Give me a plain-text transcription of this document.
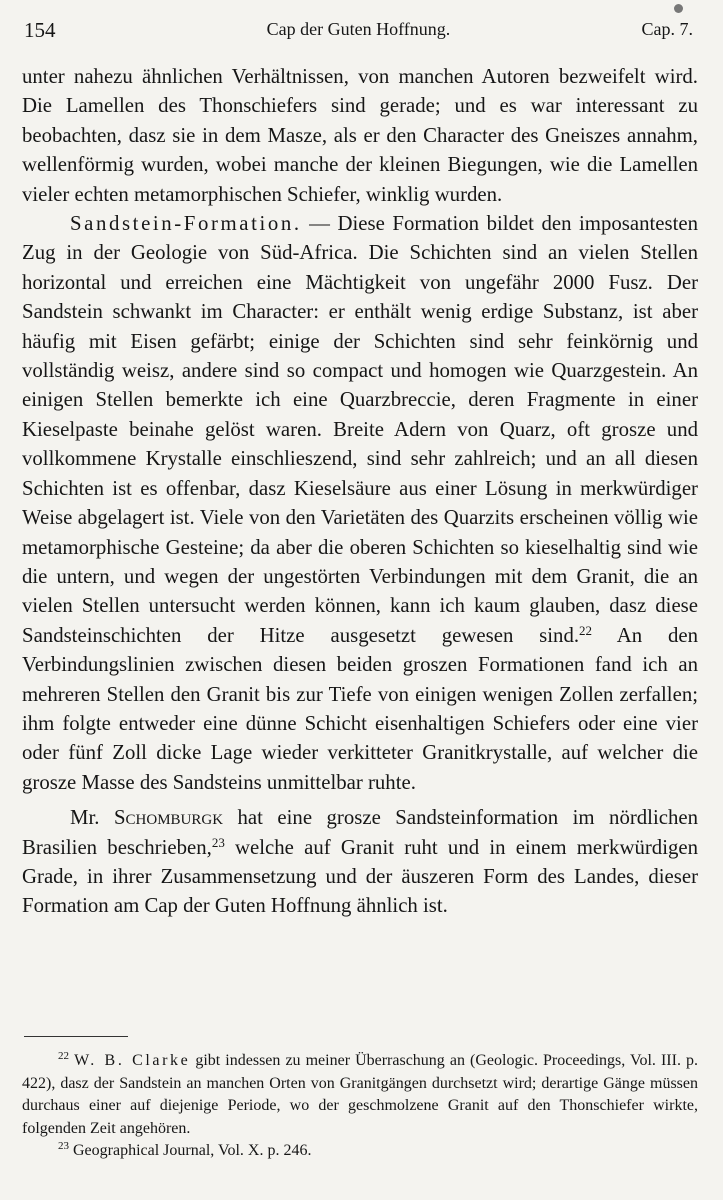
154	Cap der Guten Hoffnung.	Cap. 7.

unter nahezu ähnlichen Verhältnissen, von manchen Autoren bezweifelt wird. Die Lamellen des Thonschiefers sind gerade; und es war interessant zu beobachten, dasz sie in dem Masze, als er den Character des Gneiszes annahm, wellenförmig wurden, wobei manche der kleinen Biegungen, wie die Lamellen vieler echten metamorphischen Schiefer, winklig wurden.

Sandstein-Formation. — Diese Formation bildet den imposantesten Zug in der Geologie von Süd-Africa. Die Schichten sind an vielen Stellen horizontal und erreichen eine Mächtigkeit von ungefähr 2000 Fusz. Der Sandstein schwankt im Character: er enthält wenig erdige Substanz, ist aber häufig mit Eisen gefärbt; einige der Schichten sind sehr feinkörnig und vollständig weisz, andere sind so compact und homogen wie Quarzgestein. An einigen Stellen bemerkte ich eine Quarzbreccie, deren Fragmente in einer Kieselpaste beinahe gelöst waren. Breite Adern von Quarz, oft grosze und vollkommene Krystalle einschlieszend, sind sehr zahlreich; und an all diesen Schichten ist es offenbar, dasz Kieselsäure aus einer Lösung in merkwürdiger Weise abgelagert ist. Viele von den Varietäten des Quarzits erscheinen völlig wie metamorphische Gesteine; da aber die oberen Schichten so kieselhaltig sind wie die untern, und wegen der ungestörten Verbindungen mit dem Granit, die an vielen Stellen untersucht werden können, kann ich kaum glauben, dasz diese Sandsteinschichten der Hitze ausgesetzt gewesen sind.$^{22}$ An den Verbindungslinien zwischen diesen beiden groszen Formationen fand ich an mehreren Stellen den Granit bis zur Tiefe von einigen wenigen Zollen zerfallen; ihm folgte entweder eine dünne Schicht eisenhaltigen Schiefers oder eine vier oder fünf Zoll dicke Lage wieder verkitteter Granitkrystalle, auf welcher die grosze Masse des Sandsteins unmittelbar ruhte.

Mr. Schomburgk hat eine grosze Sandsteinformation im nördlichen Brasilien beschrieben,$^{23}$ welche auf Granit ruht und in einem merkwürdigen Grade, in ihrer Zusammensetzung und der äuszeren Form des Landes, dieser Formation am Cap der Guten Hoffnung ähnlich ist.

$^{22}$ W. B. Clarke gibt indessen zu meiner Überraschung an (Geologic. Proceedings, Vol. III. p. 422), dasz der Sandstein an manchen Orten von Granitgängen durchsetzt wird; derartige Gänge müssen durchaus einer auf diejenige Periode, wo der geschmolzene Granit auf den Thonschiefer wirkte, folgenden Zeit angehören.

$^{23}$ Geographical Journal, Vol. X. p. 246.
